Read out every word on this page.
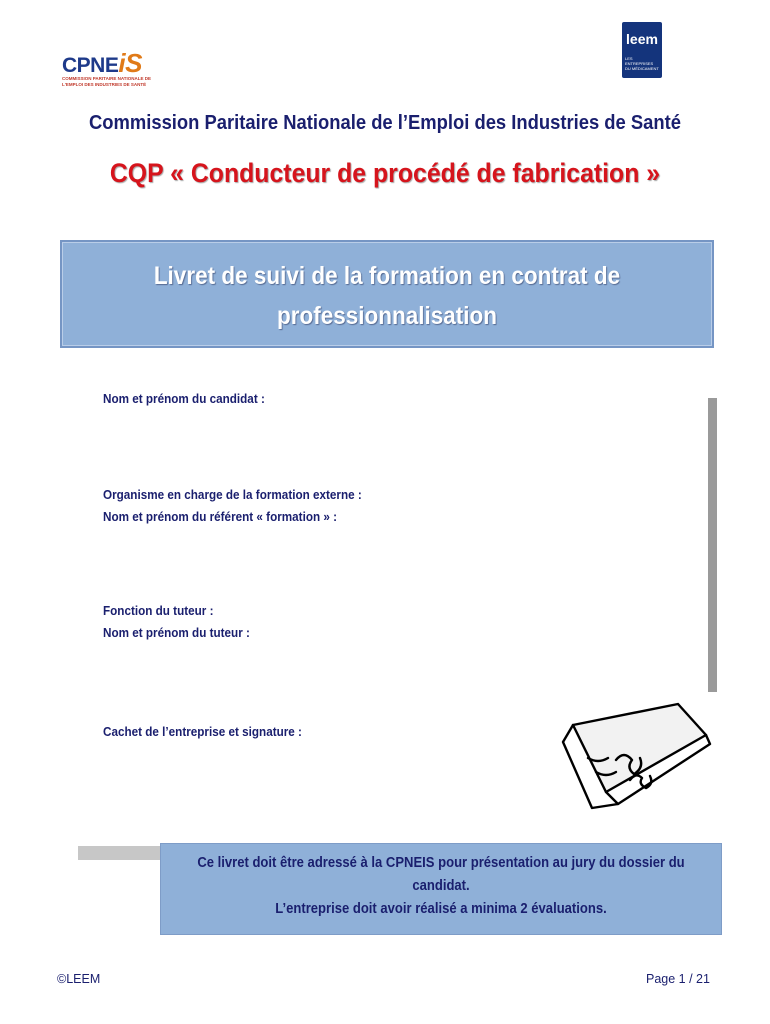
CPNEiS
COMMISSION PARITAIRE NATIONALE DE L'EMPLOI DES INDUSTRIES DE SANTÉ
leem
LES ENTREPRISES DU MÉDICAMENT
Commission Paritaire Nationale de l’Emploi des Industries de Santé
CQP « Conducteur de procédé de fabrication »
Livret de suivi de la formation en contrat de
professionnalisation
Nom et prénom du candidat :
Organisme en charge de la formation externe :
Nom et prénom du référent « formation » :
Fonction du tuteur :
Nom et prénom du tuteur :
Cachet de l’entreprise et signature :
Ce livret doit être adressé à la CPNEIS pour présentation au jury du dossier du candidat.
L’entreprise doit avoir réalisé a minima 2 évaluations.
©LEEM	Page 1 / 21
